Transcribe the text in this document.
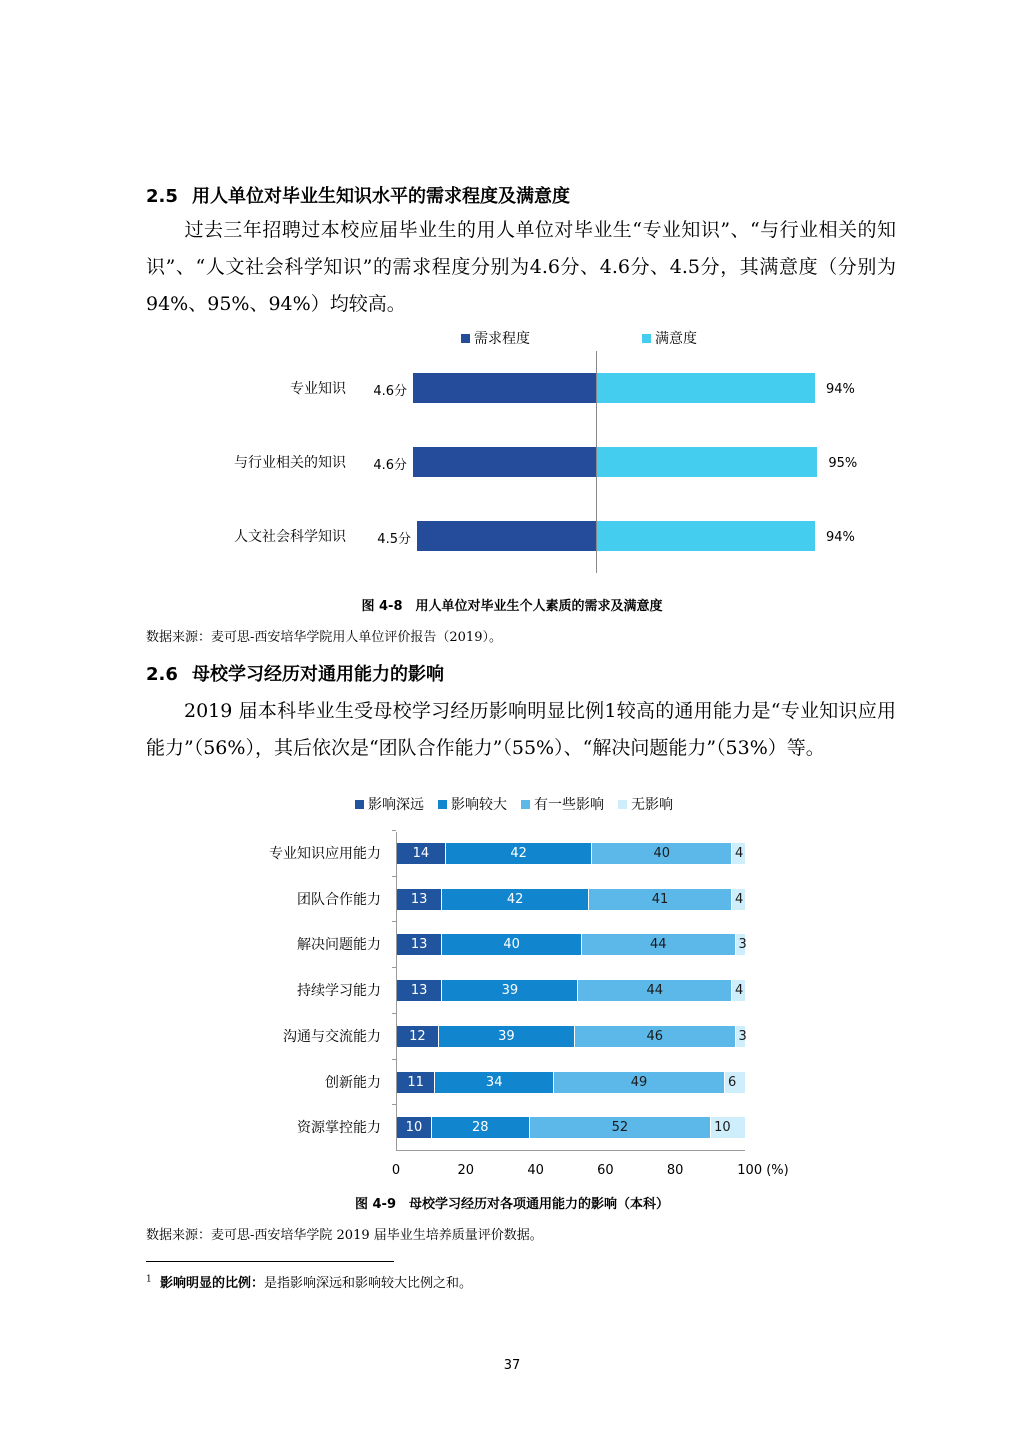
2.5 用人单位对毕业生知识水平的需求程度及满意度
过去三年招聘过本校应届毕业生的用人单位对毕业生“专业知识”、“与行业相关的知识”、“人文社会科学知识”的需求程度分别为4.6分、4.6分、4.5分，其满意度（分别为94%、95%、94%）均较高。
需求程度	满意度
专业知识 4.6分	94%
与行业相关的知识 4.6分	95%
人文社会科学知识 4.5分	94%
图 4-8　用人单位对毕业生个人素质的需求及满意度
数据来源：麦可思-西安培华学院用人单位评价报告（2019）。
2.6 母校学习经历对通用能力的影响
2019 届本科毕业生受母校学习经历影响明显比例1较高的通用能力是“专业知识应用能力”（56%），其后依次是“团队合作能力”（55%）、“解决问题能力”（53%）等。
影响深远 影响较大 有一些影响 无影响
专业知识应用能力	14	42	40	4
团队合作能力	13	42	41	4
解决问题能力	13	40	44	3
持续学习能力	13	39	44	4
沟通与交流能力	12	39	46	3
创新能力	11	34	49	6
资源掌控能力	10	28	52	10
0	20	40	60	80	100 (%)
图 4-9　母校学习经历对各项通用能力的影响（本科）
数据来源：麦可思-西安培华学院 2019 届毕业生培养质量评价数据。
$^1$ 影响明显的比例：是指影响深远和影响较大比例之和。
37
